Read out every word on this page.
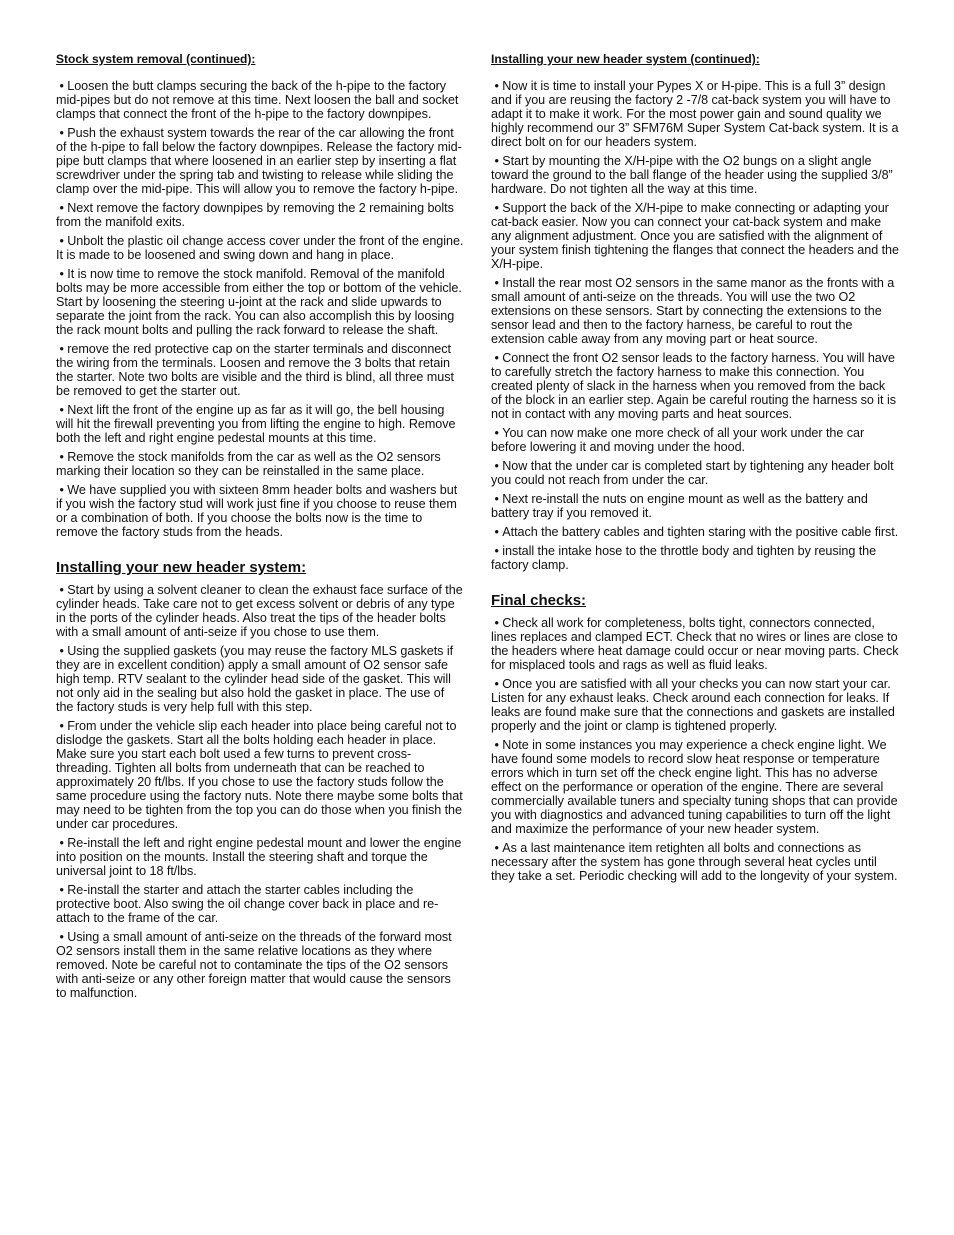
Stock system removal (continued):

• Loosen the butt clamps securing the back of the h-pipe to the factory mid-pipes but do not remove at this time. Next loosen the ball and socket clamps that connect the front of the h-pipe to the factory downpipes.

• Push the exhaust system towards the rear of the car allowing the front of the h-pipe to fall below the factory downpipes. Release the factory mid-pipe butt clamps that where loosened in an earlier step by inserting a flat screwdriver under the spring tab and twisting to release while sliding the clamp over the mid-pipe. This will allow you to remove the factory h-pipe.

• Next remove the factory downpipes by removing the 2 remaining bolts from the manifold exits.

• Unbolt the plastic oil change access cover under the front of the engine. It is made to be loosened and swing down and hang in place.

• It is now time to remove the stock manifold. Removal of the manifold bolts may be more accessible from either the top or bottom of the vehicle. Start by loosening the steering u-joint at the rack and slide upwards to separate the joint from the rack. You can also accomplish this by loosing the rack mount bolts and pulling the rack forward to release the shaft.

• remove the red protective cap on the starter terminals and disconnect the wiring from the terminals. Loosen and remove the 3 bolts that retain the starter. Note two bolts are visible and the third is blind, all three must be removed to get the starter out.

• Next lift the front of the engine up as far as it will go, the bell housing will hit the firewall preventing you from lifting the engine to high. Remove both the left and right engine pedestal mounts at this time.

• Remove the stock manifolds from the car as well as the O2 sensors marking their location so they can be reinstalled in the same place.

• We have supplied you with sixteen 8mm header bolts and washers but if you wish the factory stud will work just fine if you choose to reuse them or a combination of both. If you choose the bolts now is the time to remove the factory studs from the heads.

Installing your new header system:

• Start by using a solvent cleaner to clean the exhaust face surface of the cylinder heads. Take care not to get excess solvent or debris of any type in the ports of the cylinder heads. Also treat the tips of the header bolts with a small amount of anti-seize if you chose to use them.

• Using the supplied gaskets (you may reuse the factory MLS gaskets if they are in excellent condition) apply a small amount of O2 sensor safe high temp. RTV sealant to the cylinder head side of the gasket. This will not only aid in the sealing but also hold the gasket in place. The use of the factory studs is very help full with this step.

• From under the vehicle slip each header into place being careful not to dislodge the gaskets. Start all the bolts holding each header in place. Make sure you start each bolt used a few turns to prevent cross-threading. Tighten all bolts from underneath that can be reached to approximately 20 ft/lbs. If you chose to use the factory studs follow the same procedure using the factory nuts. Note there maybe some bolts that may need to be tighten from the top you can do those when you finish the under car procedures.

• Re-install the left and right engine pedestal mount and lower the engine into position on the mounts. Install the steering shaft and torque the universal joint to 18 ft/lbs.

• Re-install the starter and attach the starter cables including the protective boot. Also swing the oil change cover back in place and re-attach to the frame of the car.

• Using a small amount of anti-seize on the threads of the forward most O2 sensors install them in the same relative locations as they where removed. Note be careful not to contaminate the tips of the O2 sensors with anti-seize or any other foreign matter that would cause the sensors to malfunction.

Installing your new header system (continued):

• Now it is time to install your Pypes X or H-pipe. This is a full 3” design and if you are reusing the factory 2 -7/8 cat-back system you will have to adapt it to make it work. For the most power gain and sound quality we highly recommend our 3” SFM76M Super System Cat-back system. It is a direct bolt on for our headers system.

• Start by mounting the X/H-pipe with the O2 bungs on a slight angle toward the ground to the ball flange of the header using the supplied 3/8” hardware. Do not tighten all the way at this time.

• Support the back of the X/H-pipe to make connecting or adapting your cat-back easier. Now you can connect your cat-back system and make any alignment adjustment. Once you are satisfied with the alignment of your system finish tightening the flanges that connect the headers and the X/H-pipe.

• Install the rear most O2 sensors in the same manor as the fronts with a small amount of anti-seize on the threads. You will use the two O2 extensions on these sensors. Start by connecting the extensions to the sensor lead and then to the factory harness, be careful to rout the extension cable away from any moving part or heat source.

• Connect the front O2 sensor leads to the factory harness. You will have to carefully stretch the factory harness to make this connection. You created plenty of slack in the harness when you removed from the back of the block in an earlier step. Again be careful routing the harness so it is not in contact with any moving parts and heat sources.

• You can now make one more check of all your work under the car before lowering it and moving under the hood.

• Now that the under car is completed start by tightening any header bolt you could not reach from under the car.

• Next re-install the nuts on engine mount as well as the battery and battery tray if you removed it.

• Attach the battery cables and tighten staring with the positive cable first.

• install the intake hose to the throttle body and tighten by reusing the factory clamp.

Final checks:

• Check all work for completeness, bolts tight, connectors connected, lines replaces and clamped ECT. Check that no wires or lines are close to the headers where heat damage could occur or near moving parts. Check for misplaced tools and rags as well as fluid leaks.

• Once you are satisfied with all your checks you can now start your car. Listen for any exhaust leaks. Check around each connection for leaks. If leaks are found make sure that the connections and gaskets are installed properly and the joint or clamp is tightened properly.

• Note in some instances you may experience a check engine light. We have found some models to record slow heat response or temperature errors which in turn set off the check engine light. This has no adverse effect on the performance or operation of the engine. There are several commercially available tuners and specialty tuning shops that can provide you with diagnostics and advanced tuning capabilities to turn off the light and maximize the performance of your new header system.

• As a last maintenance item retighten all bolts and connections as necessary after the system has gone through several heat cycles until they take a set. Periodic checking will add to the longevity of your system.
